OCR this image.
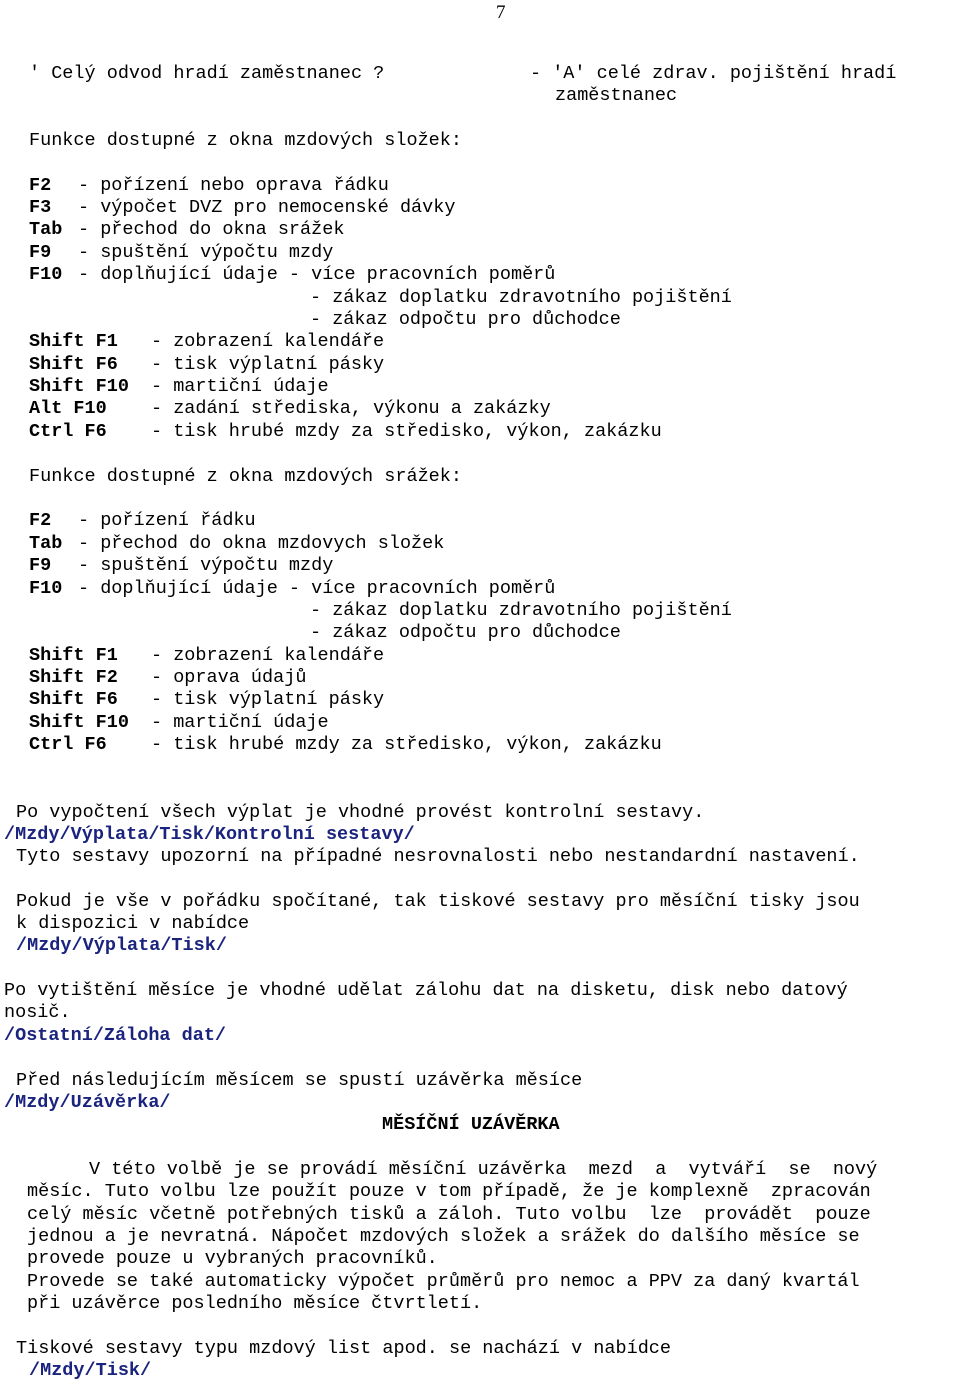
7
' Celý odvod hradí zaměstnanec ?	- 'A' celé zdrav. pojištění hradí
zaměstnanec
Funkce dostupné z okna mzdových složek:
F2 - pořízení nebo oprava řádku
F3 - výpočet DVZ pro nemocenské dávky
Tab - přechod do okna srážek
F9 - spuštění výpočtu mzdy
F10 - doplňující údaje - více pracovních poměrů
- zákaz doplatku zdravotního pojištění
- zákaz odpočtu pro důchodce
Shift F1 - zobrazení kalendáře
Shift F6 - tisk výplatní pásky
Shift F10 - martiční údaje
Alt F10 - zadání střediska, výkonu a zakázky
Ctrl F6 - tisk hrubé mzdy za středisko, výkon, zakázku
Funkce dostupné z okna mzdových srážek:
F2 - pořízení řádku
Tab - přechod do okna mzdovych složek
F9 - spuštění výpočtu mzdy
F10 - doplňující údaje - více pracovních poměrů
- zákaz doplatku zdravotního pojištění
- zákaz odpočtu pro důchodce
Shift F1 - zobrazení kalendáře
Shift F2 - oprava údajů
Shift F6 - tisk výplatní pásky
Shift F10 - martiční údaje
Ctrl F6 - tisk hrubé mzdy za středisko, výkon, zakázku
Po vypočtení všech výplat je vhodné provést kontrolní sestavy.
/Mzdy/Výplata/Tisk/Kontrolní sestavy/
Tyto sestavy upozorní na případné nesrovnalosti nebo nestandardní nastavení.
Pokud je vše v pořádku spočítané, tak tiskové sestavy pro měsíční tisky jsou
k dispozici v nabídce
/Mzdy/Výplata/Tisk/
Po vytištění měsíce je vhodné udělat zálohu dat na disketu, disk nebo datový
nosič.
/Ostatní/Záloha dat/
Před následujícím měsícem se spustí uzávěrka měsíce
/Mzdy/Uzávěrka/
MĚSÍČNÍ UZÁVĚRKA
V této volbě je se provádí měsíční uzávěrka  mezd  a  vytváří  se  nový
měsíc. Tuto volbu lze použít pouze v tom případě, že je komplexně  zpracován
celý měsíc včetně potřebných tisků a záloh. Tuto volbu  lze  provádět  pouze
jednou a je nevratná. Nápočet mzdových složek a srážek do dalšího měsíce se
provede pouze u vybraných pracovníků.
Provede se také automaticky výpočet průměrů pro nemoc a PPV za daný kvartál
při uzávěrce posledního měsíce čtvrtletí.
Tiskové sestavy typu mzdový list apod. se nachází v nabídce
/Mzdy/Tisk/
